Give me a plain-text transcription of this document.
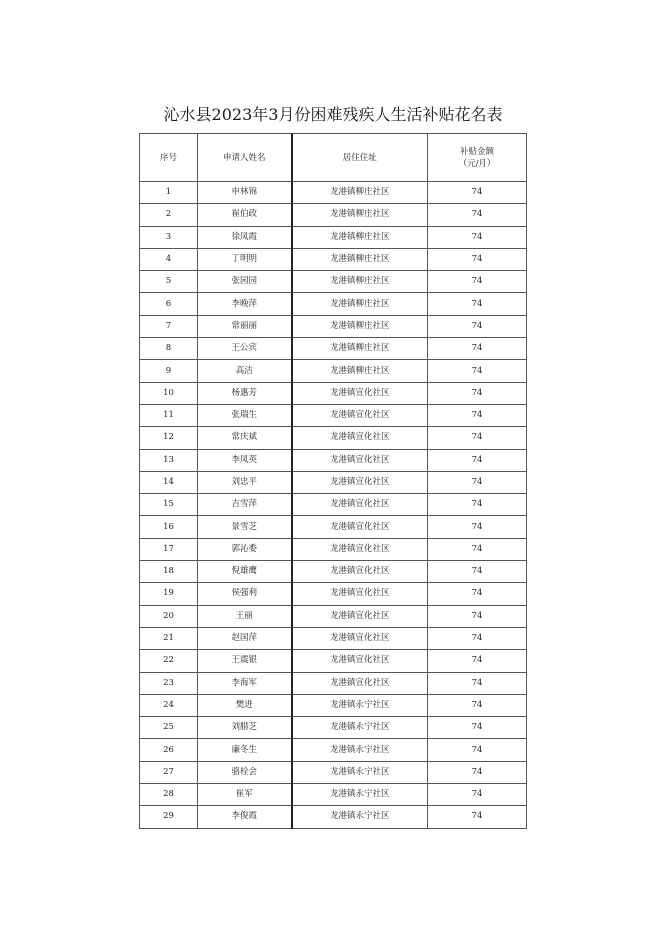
沁水县2023年3月份困难残疾人生活补贴花名表
序号	申请人姓名	居住住址	补贴金额
（元/月）

1	申林锦	龙港镇柳庄社区	74
2	崔伯政	龙港镇柳庄社区	74
3	徐凤霞	龙港镇柳庄社区	74
4	丁明明	龙港镇柳庄社区	74
5	张园园	龙港镇柳庄社区	74
6	李晚萍	龙港镇柳庄社区	74
7	常丽丽	龙港镇柳庄社区	74
8	王公宾	龙港镇柳庄社区	74
9	高洁	龙港镇柳庄社区	74
10	杨惠芳	龙港镇宣化社区	74
11	张瑞生	龙港镇宣化社区	74
12	常庆斌	龙港镇宣化社区	74
13	李凤英	龙港镇宣化社区	74
14	刘忠平	龙港镇宣化社区	74
15	吉雪萍	龙港镇宣化社区	74
16	景雪芝	龙港镇宣化社区	74
17	郭沁委	龙港镇宣化社区	74
18	倪雄鹰	龙港镇宣化社区	74
19	侯强利	龙港镇宣化社区	74
20	王丽	龙港镇宣化社区	74
21	赵国萍	龙港镇宣化社区	74
22	王震银	龙港镇宣化社区	74
23	李海军	龙港镇宣化社区	74
24	樊进	龙港镇永宁社区	74
25	刘腊芝	龙港镇永宁社区	74
26	廉冬生	龙港镇永宁社区	74
27	骆栓会	龙港镇永宁社区	74
28	崔军	龙港镇永宁社区	74
29	李俊霞	龙港镇永宁社区	74
